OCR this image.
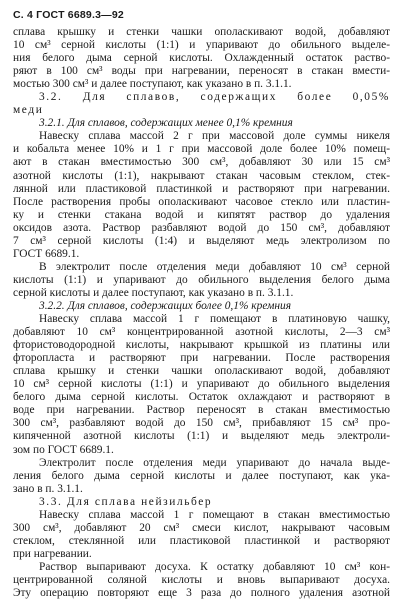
С. 4 ГОСТ 6689.3—92
сплава крышку и стенки чашки ополаскивают водой, добавляют
10 см³ серной кислоты (1:1) и упаривают до обильного выделе-
ния белого дыма серной кислоты. Охлажденный остаток раство-
ряют в 100 см³ воды при нагревании, переносят в стакан вмести-
мостью 300 см³ и далее поступают, как указано в п. 3.1.1.
3.2. Для сплавов, содержащих более 0,05%
меди
3.2.1. Для сплавов, содержащих менее 0,1% кремния
Навеску сплава массой 2 г при массовой доле суммы никеля
и кобальта менее 10% и 1 г при массовой доле более 10% помещ-
ают в стакан вместимостью 300 см³, добавляют 30 или 15 см³
азотной кислоты (1:1), накрывают стакан часовым стеклом, стек-
лянной или пластиковой пластинкой и растворяют при нагревании.
После растворения пробы ополаскивают часовое стекло или пластин-
ку и стенки стакана водой и кипятят раствор до удаления
оксидов азота. Раствор разбавляют водой до 150 см³, добавляют
7 см³ серной кислоты (1:4) и выделяют медь электролизом по
ГОСТ 6689.1.
В электролит после отделения меди добавляют 10 см³ серной
кислоты (1:1) и упаривают до обильного выделения белого дыма
серной кислоты и далее поступают, как указано в п. 3.1.1.
3.2.2. Для сплавов, содержащих более 0,1% кремния
Навеску сплава массой 1 г помещают в платиновую чашку,
добавляют 10 см³ концентрированной азотной кислоты, 2—3 см³
фтористоводородной кислоты, накрывают крышкой из платины или
фторопласта и растворяют при нагревании. После растворения
сплава крышку и стенки чашки ополаскивают водой, добавляют
10 см³ серной кислоты (1:1) и упаривают до обильного выделения
белого дыма серной кислоты. Остаток охлаждают и растворяют в
воде при нагревании. Раствор переносят в стакан вместимостью
300 см³, разбавляют водой до 150 см³, прибавляют 15 см³ про-
кипяченной азотной кислоты (1:1) и выделяют медь электроли-
зом по ГОСТ 6689.1.
Электролит после отделения меди упаривают до начала выде-
ления белого дыма серной кислоты и далее поступают, как ука-
зано в п. 3.1.1.
3.3. Для сплава нейзильбер
Навеску сплава массой 1 г помещают в стакан вместимостью
300 см³, добавляют 20 см³ смеси кислот, накрывают часовым
стеклом, стеклянной или пластиковой пластинкой и растворяют
при нагревании.
Раствор выпаривают досуха. К остатку добавляют 10 см³ кон-
центрированной соляной кислоты и вновь выпаривают досуха.
Эту операцию повторяют еще 3 раза до полного удаления азотной
